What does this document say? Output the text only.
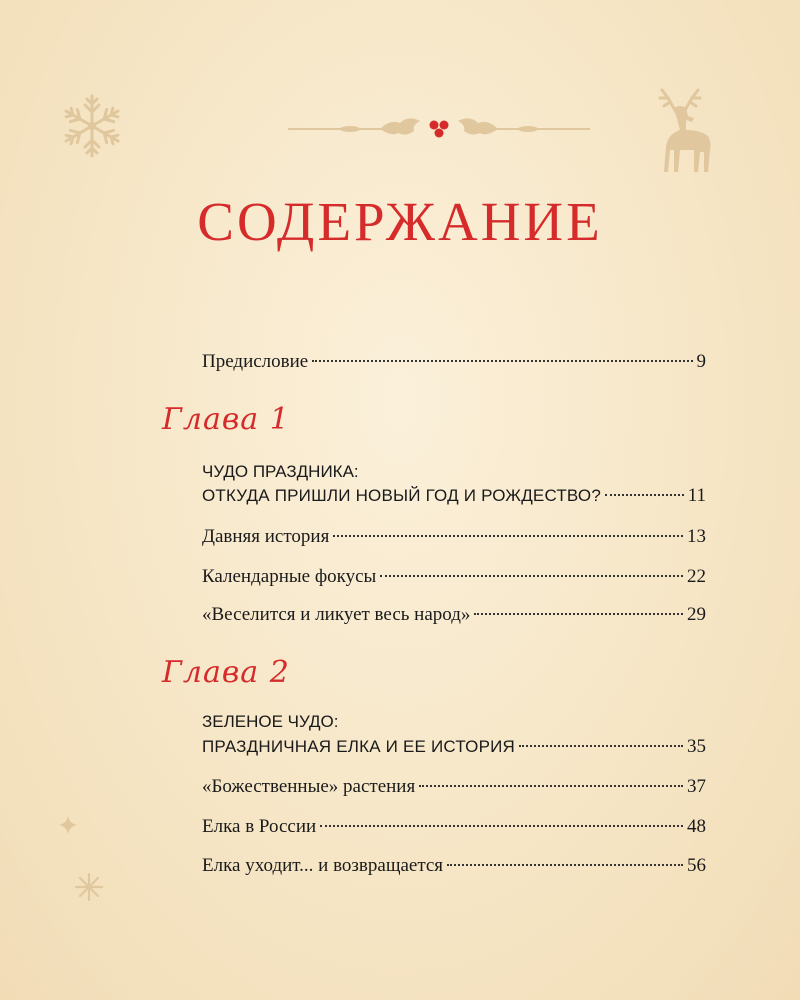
СОДЕРЖАНИЕ
Предисловие	9
Глава 1
ЧУДО ПРАЗДНИКА:
ОТКУДА ПРИШЛИ НОВЫЙ ГОД И РОЖДЕСТВО?	11
Давняя история	13
Календарные фокусы	22
«Веселится и ликует весь народ»	29
Глава 2
ЗЕЛЕНОЕ ЧУДО:
ПРАЗДНИЧНАЯ ЕЛКА И ЕЕ ИСТОРИЯ	35
«Божественные» растения	37
Елка в России	48
Елка уходит... и возвращается	56
